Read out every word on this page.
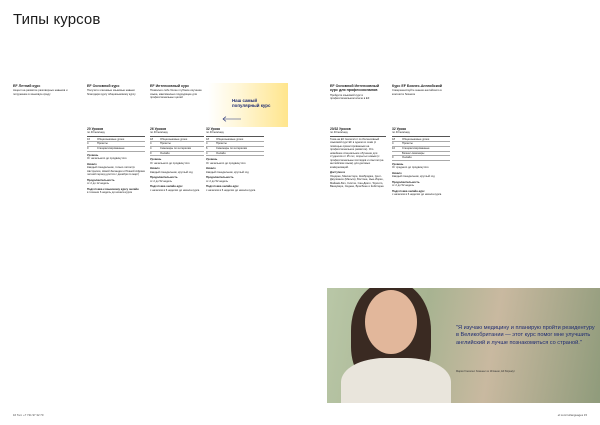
Типы курсов
Наш самый популярный курс
EF Летний курс
Акцент на развитие разговорных навыков и погружение в языковую среду
20 Уроков
по 40 мин/нед.
16	Общеязыковые уроки
4	Проекты
0	Специализированные
Уровень
От начального до продвинутого
Начало
Каждый понедельник, только летом (в Австралии, Новой Зеландии и Южной Африке летний период длится с декабря по март)
Продолжительность
от 2 до 12 недель
Подготовка к языковому курсу онлайн
в течение 6 недель до начала курса
EF Основной курс
Получите ключевые языковые навыки благодаря курсу общеязыковому курсу
26 Уроков
по 40 мин/нед.
18	Общеязыковые уроки
4	Проекты
4	Семинары по интересам
0	Онлайн
Уровень
От начального до продвинутого
Начало
Каждый понедельник, круглый год
Продолжительность
от 2 до 52 недель
Подготовка онлайн-курс
с началом в 6 неделях до начала курса
EF Интенсивный курс
Позвольте себе более глубокое изучение языка, максимально подходящее для профессиональных целей
32 Урока
по 40 мин/нед.
18	Общеязыковые уроки
4	Проекты
6	Семинары по интересам
4	Онлайн
Уровень
От начального до продвинутого
Начало
Каждый понедельник, круглый год
Продолжительность
от 2 до 52 недель
Подготовка онлайн-курс
с началом в 6 неделях до начала курса
EF Основной Интенсивный курс для профессионалов
Пройдите языковой курс в профессиональном ключе в EF
20/32 Уроков
по 40 мин/нед.
Тема на EF General от по Интенсивный языковой курс EF в одном из семи (с помощью ориентированным на профессиональное развитие). Это новейшее специальное обучение для студентов от 25 лет, открытых новым (с профессиональных взглядов и опытом (на английском языке) для деловых коммуникаций.
Доступен в
Лондоне, Манчестере, Кембридже, Сент-Джулиансе (Мальта), Бостоне, Нью-Йорке, Майами-Бич, Сиэтле, Сан-Диего, Торонто, Ванкувере, Сиднее, Брисбене и Кейптауне
Курс EF Бизнес-Английский
Совершенствуйте знания английского в контексте бизнеса
32 Урока
по 40 мин/нед.
18	Общеязыковые уроки
4	Проекты
10	Специализированные
Бизнес-семинары
0	Онлайн
Уровень
От среднего до продвинутого
Начало
Каждый понедельник, круглый год
Продолжительность
от 2 до 52 недель
Подготовка онлайн-курс
с началом в 6 неделях до начала курса
"Я изучаю медицину и планирую пройти резидентуру в Великобритании — этот курс помог мне улучшить английский и лучше познакомиться со страной."
Мария Гонсалес Хименес из Испании, EF Борнмут
16 Тел: +7 721 97 32 70	ef.com/ru/languages 15
